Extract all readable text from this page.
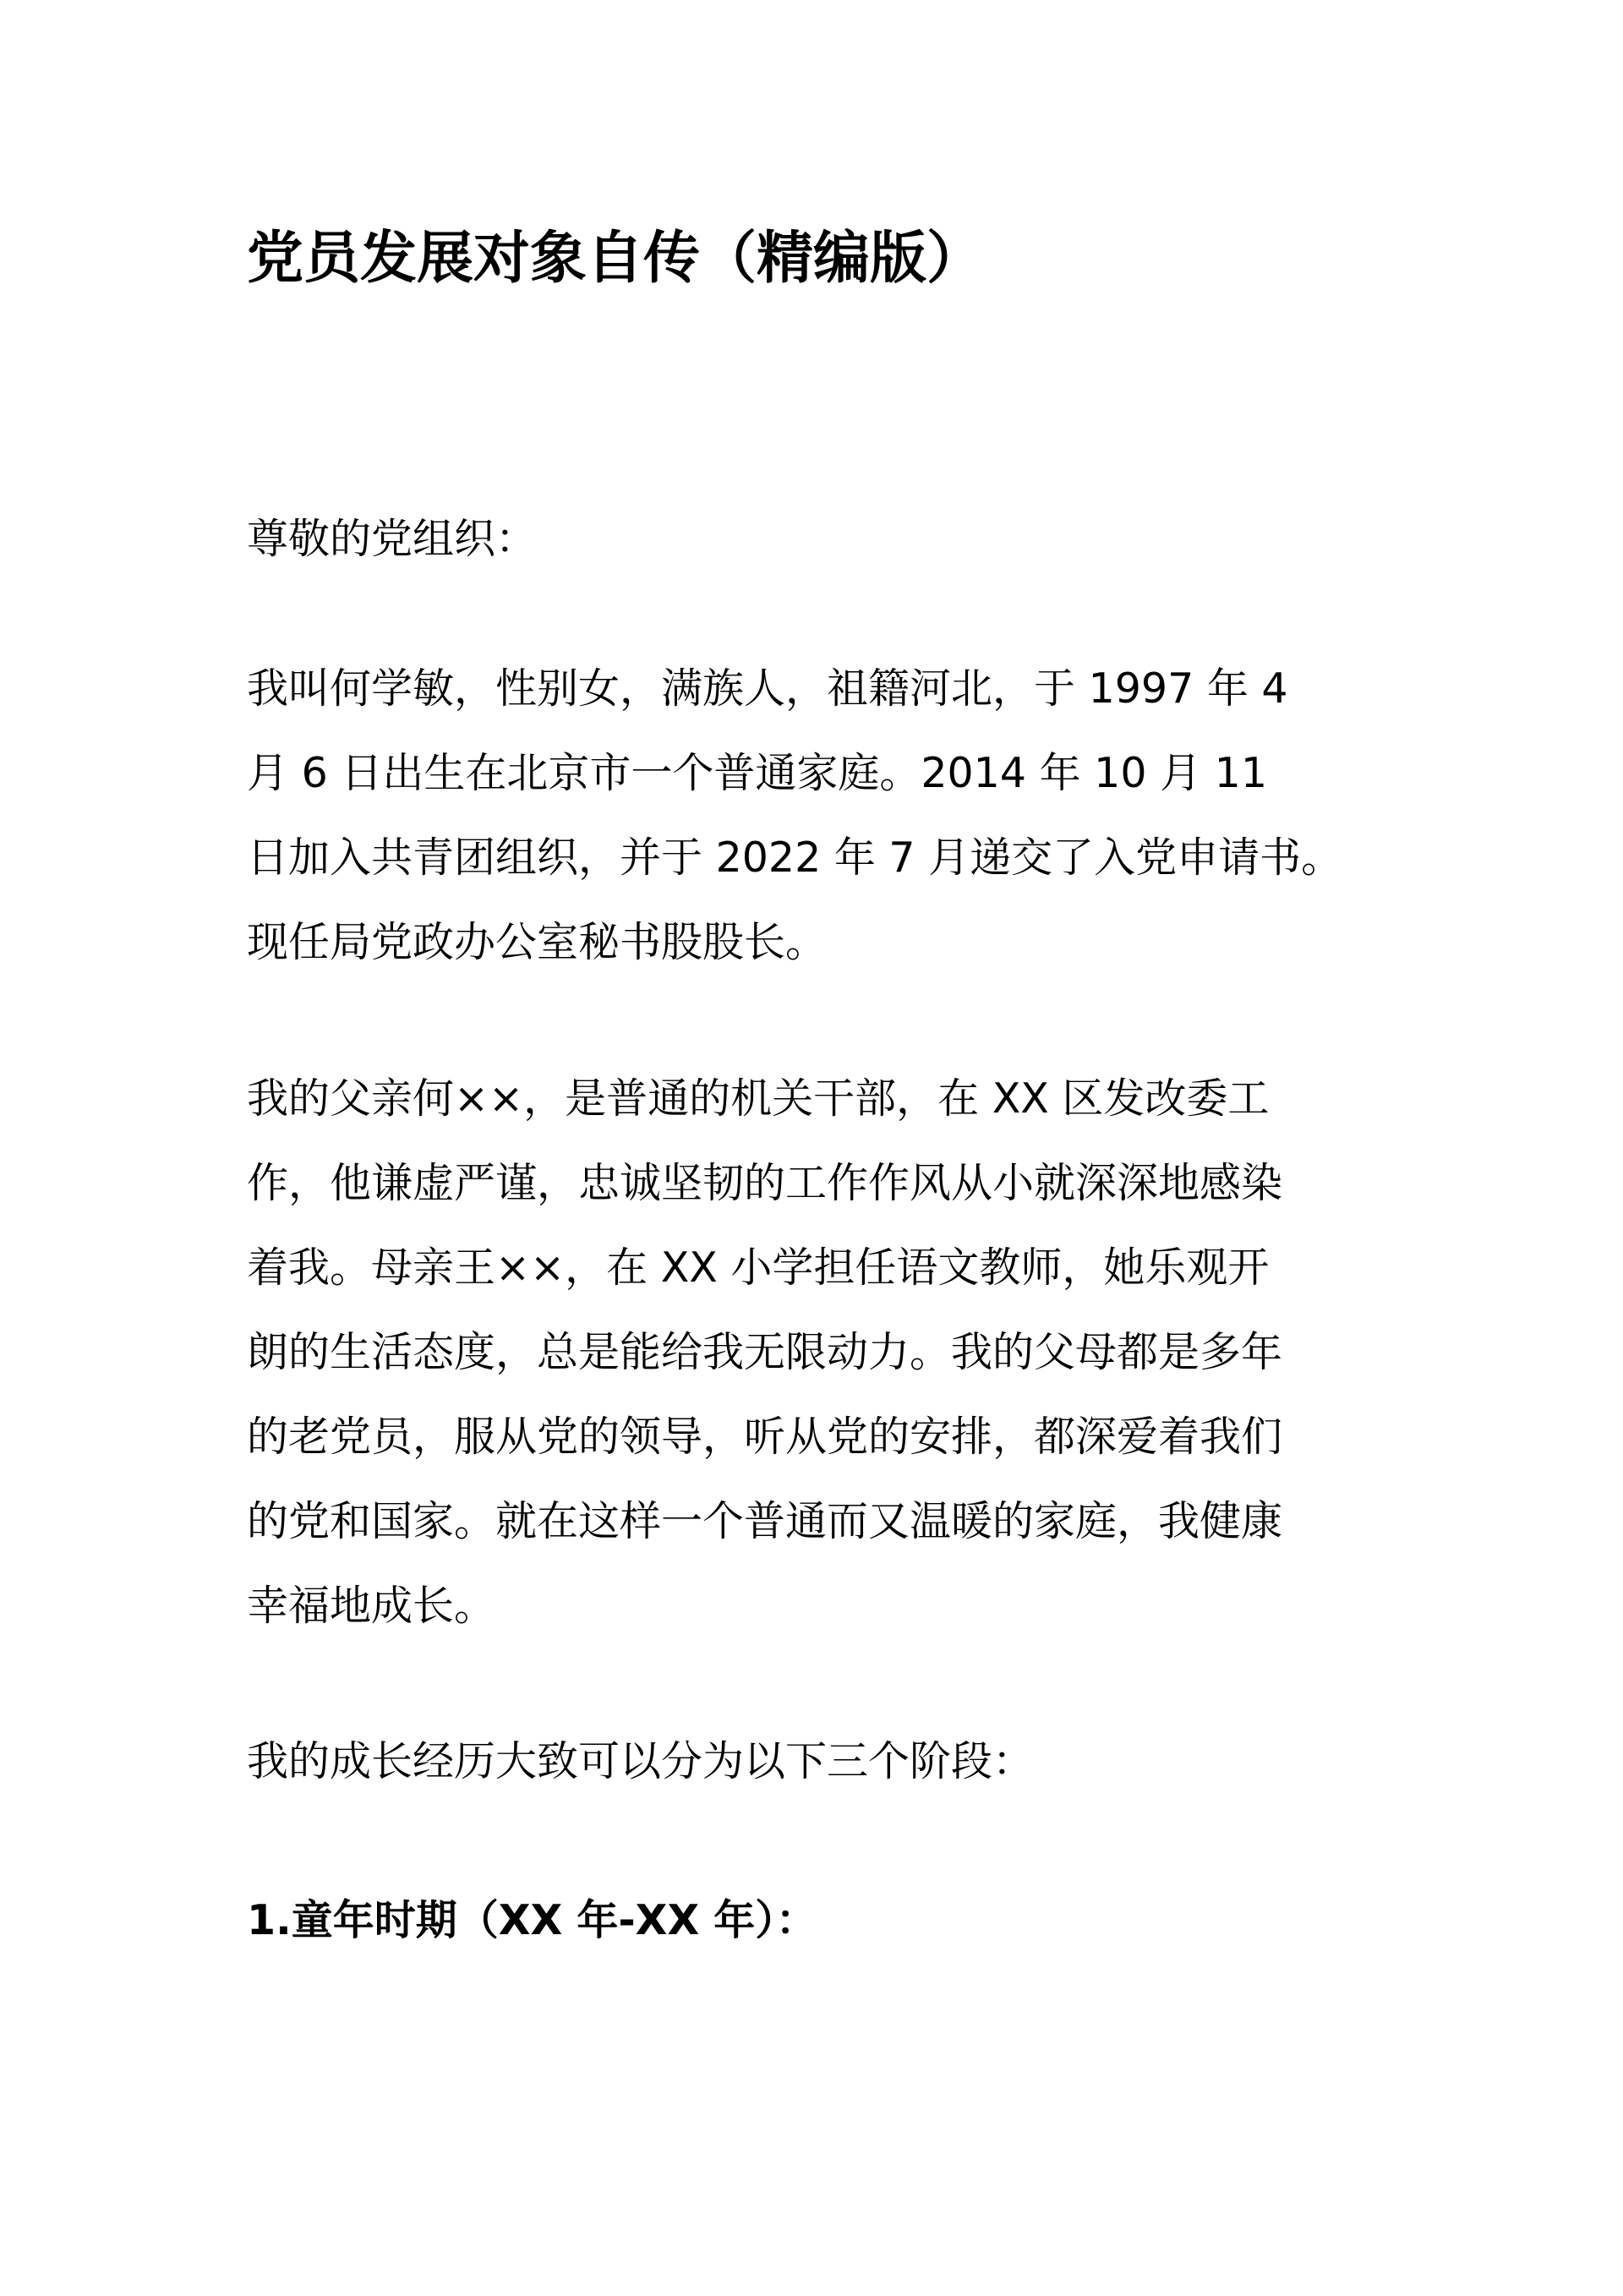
党员发展对象自传（精编版）

尊敬的党组织：

我叫何学敏，性别女，满族人，祖籍河北，于 1997 年 4
月 6 日出生在北京市一个普通家庭。2014 年 10 月 11
日加入共青团组织，并于 2022 年 7 月递交了入党申请书。
现任局党政办公室秘书股股长。

我的父亲何××，是普通的机关干部，在 XX 区发改委工
作，他谦虚严谨，忠诚坚韧的工作作风从小就深深地感染
着我。母亲王××，在 XX 小学担任语文教师，她乐观开
朗的生活态度，总是能给我无限动力。我的父母都是多年
的老党员，服从党的领导，听从党的安排，都深爱着我们
的党和国家。就在这样一个普通而又温暖的家庭，我健康
幸福地成长。

我的成长经历大致可以分为以下三个阶段：

1.童年时期（XX 年-XX 年）：
